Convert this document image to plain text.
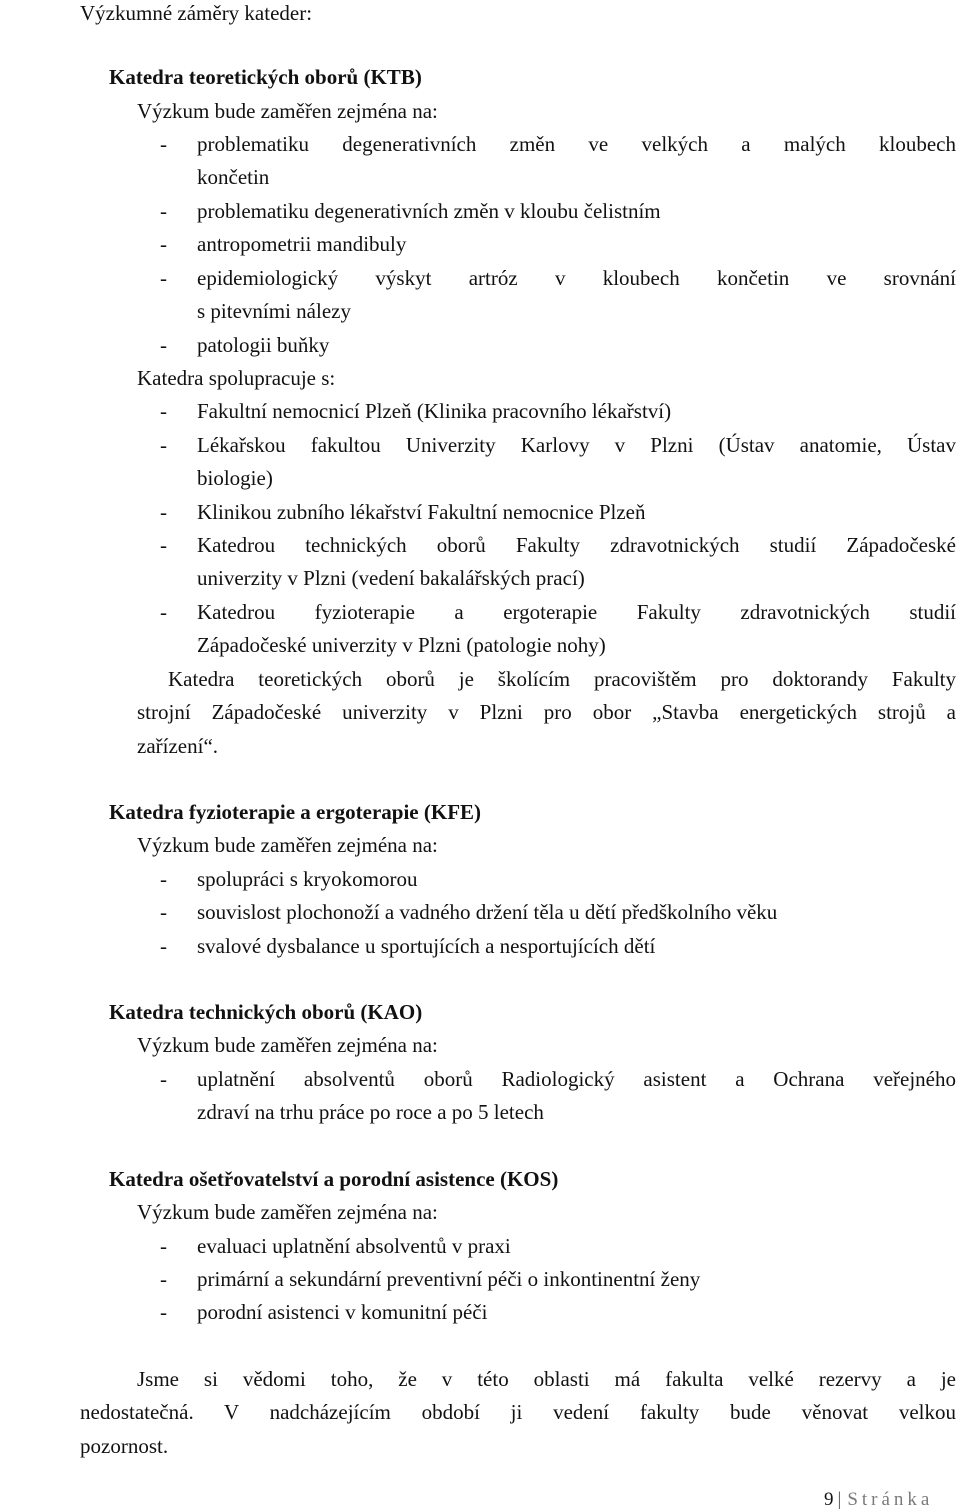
Výzkumné záměry kateder:
Katedra teoretických oborů (KTB)
Výzkum bude zaměřen zejména na:
- problematiku degenerativních změn ve velkých a malých kloubech
končetin
- problematiku degenerativních změn v kloubu čelistním
- antropometrii mandibuly
- epidemiologický výskyt artróz v kloubech končetin ve srovnání
s pitevními nálezy
- patologii buňky
Katedra spolupracuje s:
- Fakultní nemocnicí Plzeň (Klinika pracovního lékařství)
- Lékařskou fakultou Univerzity Karlovy v Plzni (Ústav anatomie, Ústav
biologie)
- Klinikou zubního lékařství Fakultní nemocnice Plzeň
- Katedrou technických oborů Fakulty zdravotnických studií Západočeské
univerzity v Plzni (vedení bakalářských prací)
- Katedrou fyzioterapie a ergoterapie Fakulty zdravotnických studií
Západočeské univerzity v Plzni (patologie nohy)
Katedra teoretických oborů je školícím pracovištěm pro doktorandy Fakulty
strojní Západočeské univerzity v Plzni pro obor „Stavba energetických strojů a
zařízení“.
Katedra fyzioterapie a ergoterapie (KFE)
Výzkum bude zaměřen zejména na:
- spolupráci s kryokomorou
- souvislost plochonoží a vadného držení těla u dětí předškolního věku
- svalové dysbalance u sportujících a nesportujících dětí
Katedra technických oborů (KAO)
Výzkum bude zaměřen zejména na:
- uplatnění absolventů oborů Radiologický asistent a Ochrana veřejného
zdraví na trhu práce po roce a po 5 letech
Katedra ošetřovatelství a porodní asistence (KOS)
Výzkum bude zaměřen zejména na:
- evaluaci uplatnění absolventů v praxi
- primární a sekundární preventivní péči o inkontinentní ženy
- porodní asistenci v komunitní péči
Jsme si vědomi toho, že v této oblasti má fakulta velké rezervy a je
nedostatečná. V nadcházejícím období ji vedení fakulty bude věnovat velkou
pozornost.
9 | Stránka
